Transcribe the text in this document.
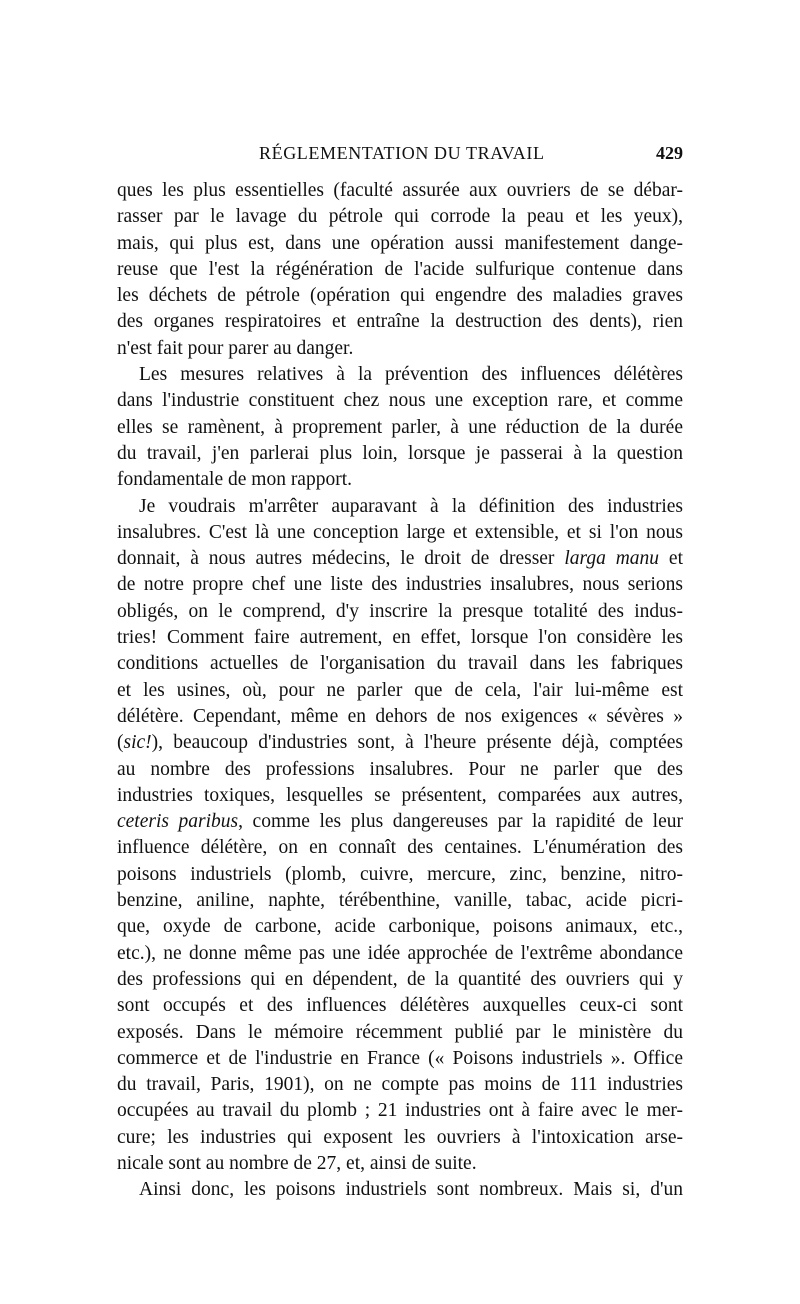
RÉGLEMENTATION DU TRAVAIL	429
ques les plus essentielles (faculté assurée aux ouvriers de se débar-
rasser par le lavage du pétrole qui corrode la peau et les yeux),
mais, qui plus est, dans une opération aussi manifestement dange-
reuse que l'est la régénération de l'acide sulfurique contenue dans
les déchets de pétrole (opération qui engendre des maladies graves
des organes respiratoires et entraîne la destruction des dents), rien
n'est fait pour parer au danger.
Les mesures relatives à la prévention des influences délétères
dans l'industrie constituent chez nous une exception rare, et comme
elles se ramènent, à proprement parler, à une réduction de la durée
du travail, j'en parlerai plus loin, lorsque je passerai à la question
fondamentale de mon rapport.
Je voudrais m'arrêter auparavant à la définition des industries
insalubres. C'est là une conception large et extensible, et si l'on nous
donnait, à nous autres médecins, le droit de dresser larga manu et
de notre propre chef une liste des industries insalubres, nous serions
obligés, on le comprend, d'y inscrire la presque totalité des indus-
tries! Comment faire autrement, en effet, lorsque l'on considère les
conditions actuelles de l'organisation du travail dans les fabriques
et les usines, où, pour ne parler que de cela, l'air lui-même est
délétère. Cependant, même en dehors de nos exigences « sévères »
(sic!), beaucoup d'industries sont, à l'heure présente déjà, comptées
au nombre des professions insalubres. Pour ne parler que des
industries toxiques, lesquelles se présentent, comparées aux autres,
ceteris paribus, comme les plus dangereuses par la rapidité de leur
influence délétère, on en connaît des centaines. L'énumération des
poisons industriels (plomb, cuivre, mercure, zinc, benzine, nitro-
benzine, aniline, naphte, térébenthine, vanille, tabac, acide picri-
que, oxyde de carbone, acide carbonique, poisons animaux, etc.,
etc.), ne donne même pas une idée approchée de l'extrême abondance
des professions qui en dépendent, de la quantité des ouvriers qui y
sont occupés et des influences délétères auxquelles ceux-ci sont
exposés. Dans le mémoire récemment publié par le ministère du
commerce et de l'industrie en France (« Poisons industriels ». Office
du travail, Paris, 1901), on ne compte pas moins de 111 industries
occupées au travail du plomb ; 21 industries ont à faire avec le mer-
cure; les industries qui exposent les ouvriers à l'intoxication arse-
nicale sont au nombre de 27, et, ainsi de suite.
Ainsi donc, les poisons industriels sont nombreux. Mais si, d'un
